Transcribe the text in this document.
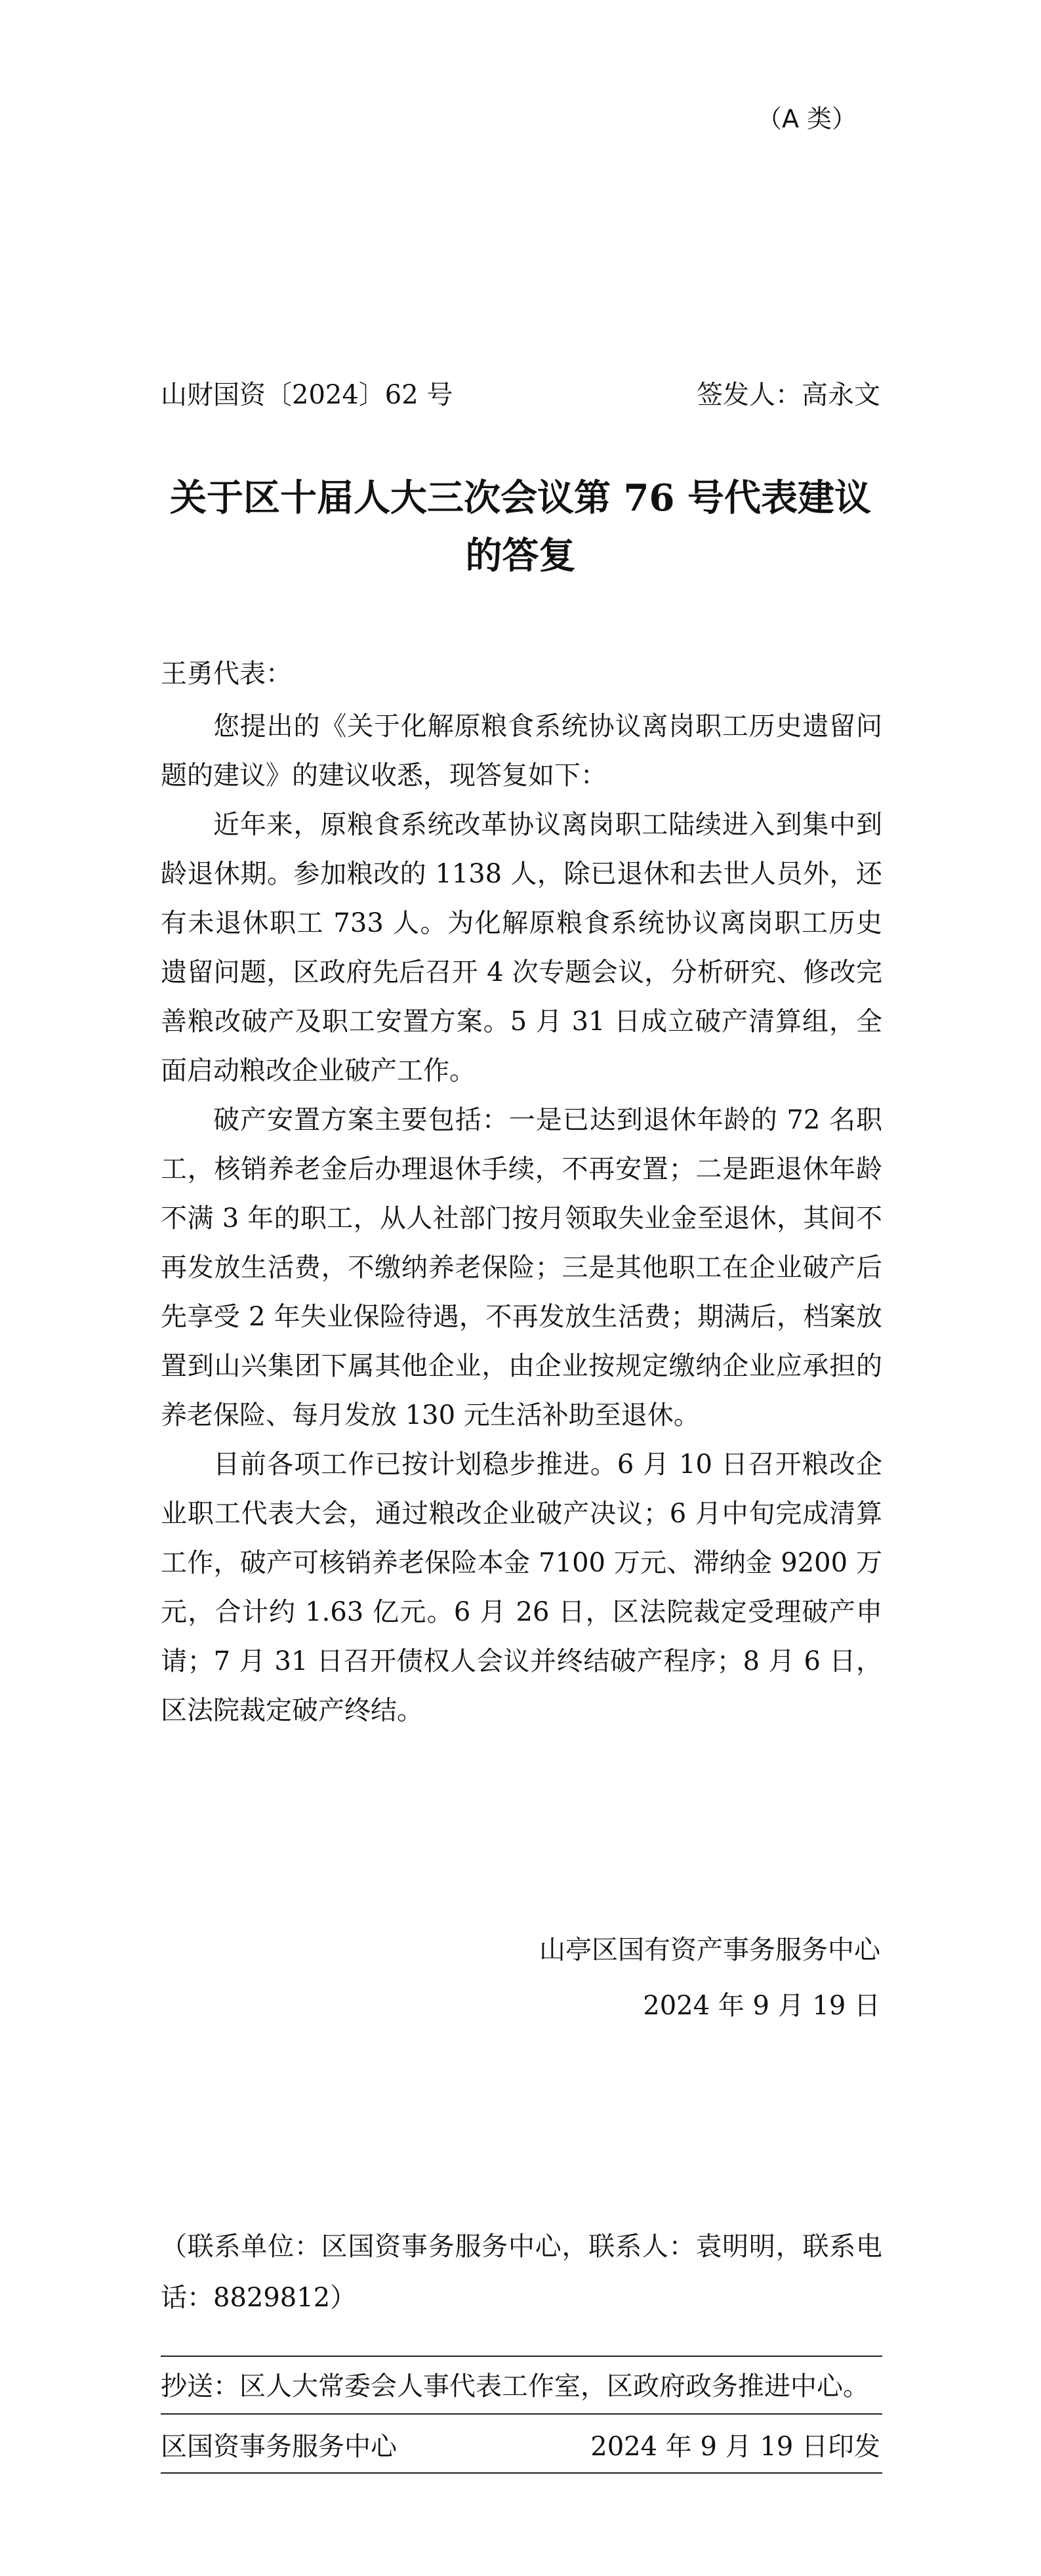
（A 类）
山财国资〔2024〕62 号	签发人：高永文
关于区十届人大三次会议第 76 号代表建议
的答复
王勇代表：

您提出的《关于化解原粮食系统协议离岗职工历史遗留问题的建议》的建议收悉，现答复如下：

近年来，原粮食系统改革协议离岗职工陆续进入到集中到龄退休期。参加粮改的 1138 人，除已退休和去世人员外，还有未退休职工 733 人。为化解原粮食系统协议离岗职工历史遗留问题，区政府先后召开 4 次专题会议，分析研究、修改完善粮改破产及职工安置方案。5 月 31 日成立破产清算组，全面启动粮改企业破产工作。

破产安置方案主要包括：一是已达到退休年龄的 72 名职工，核销养老金后办理退休手续，不再安置；二是距退休年龄不满 3 年的职工，从人社部门按月领取失业金至退休，其间不再发放生活费，不缴纳养老保险；三是其他职工在企业破产后先享受 2 年失业保险待遇，不再发放生活费；期满后，档案放置到山兴集团下属其他企业，由企业按规定缴纳企业应承担的养老保险、每月发放 130 元生活补助至退休。

目前各项工作已按计划稳步推进。6 月 10 日召开粮改企业职工代表大会，通过粮改企业破产决议；6 月中旬完成清算工作，破产可核销养老保险本金 7100 万元、滞纳金 9200 万元，合计约 1.63 亿元。6 月 26 日，区法院裁定受理破产申请；7 月 31 日召开债权人会议并终结破产程序；8 月 6 日，区法院裁定破产终结。

山亭区国有资产事务服务中心
2024 年 9 月 19 日
（联系单位：区国资事务服务中心，联系人：袁明明，联系电话：8829812）
抄送：区人大常委会人事代表工作室，区政府政务推进中心。
区国资事务服务中心	2024 年 9 月 19 日印发
